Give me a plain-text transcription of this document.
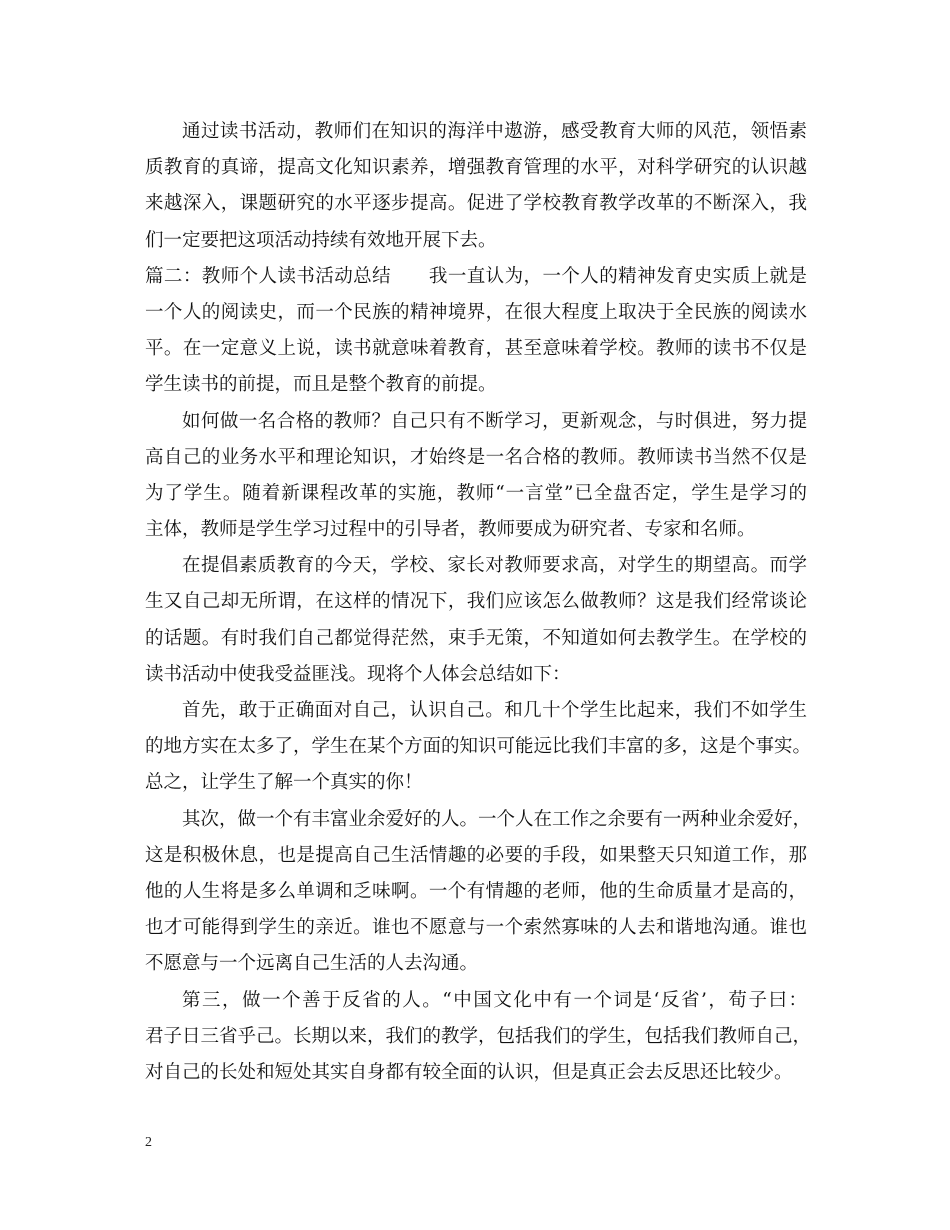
通过读书活动，教师们在知识的海洋中遨游，感受教育大师的风范，领悟素
质教育的真谛，提高文化知识素养，增强教育管理的水平，对科学研究的认识越
来越深入，课题研究的水平逐步提高。促进了学校教育教学改革的不断深入，我
们一定要把这项活动持续有效地开展下去。
篇二：教师个人读书活动总结　　我一直认为，一个人的精神发育史实质上就是
一个人的阅读史，而一个民族的精神境界，在很大程度上取决于全民族的阅读水
平。在一定意义上说，读书就意味着教育，甚至意味着学校。教师的读书不仅是
学生读书的前提，而且是整个教育的前提。
如何做一名合格的教师？自己只有不断学习，更新观念，与时俱进，努力提
高自己的业务水平和理论知识，才始终是一名合格的教师。教师读书当然不仅是
为了学生。随着新课程改革的实施，教师“一言堂”已全盘否定，学生是学习的
主体，教师是学生学习过程中的引导者，教师要成为研究者、专家和名师。
在提倡素质教育的今天，学校、家长对教师要求高，对学生的期望高。而学
生又自己却无所谓，在这样的情况下，我们应该怎么做教师？这是我们经常谈论
的话题。有时我们自己都觉得茫然，束手无策，不知道如何去教学生。在学校的
读书活动中使我受益匪浅。现将个人体会总结如下：
首先，敢于正确面对自己，认识自己。和几十个学生比起来，我们不如学生
的地方实在太多了，学生在某个方面的知识可能远比我们丰富的多，这是个事实。
总之，让学生了解一个真实的你！
其次，做一个有丰富业余爱好的人。一个人在工作之余要有一两种业余爱好，
这是积极休息，也是提高自己生活情趣的必要的手段，如果整天只知道工作，那
他的人生将是多么单调和乏味啊。一个有情趣的老师，他的生命质量才是高的，
也才可能得到学生的亲近。谁也不愿意与一个索然寡味的人去和谐地沟通。谁也
不愿意与一个远离自己生活的人去沟通。
第三，做一个善于反省的人。“中国文化中有一个词是‘反省’，荀子曰：
君子日三省乎己。长期以来，我们的教学，包括我们的学生，包括我们教师自己，
对自己的长处和短处其实自身都有较全面的认识，但是真正会去反思还比较少。
2
